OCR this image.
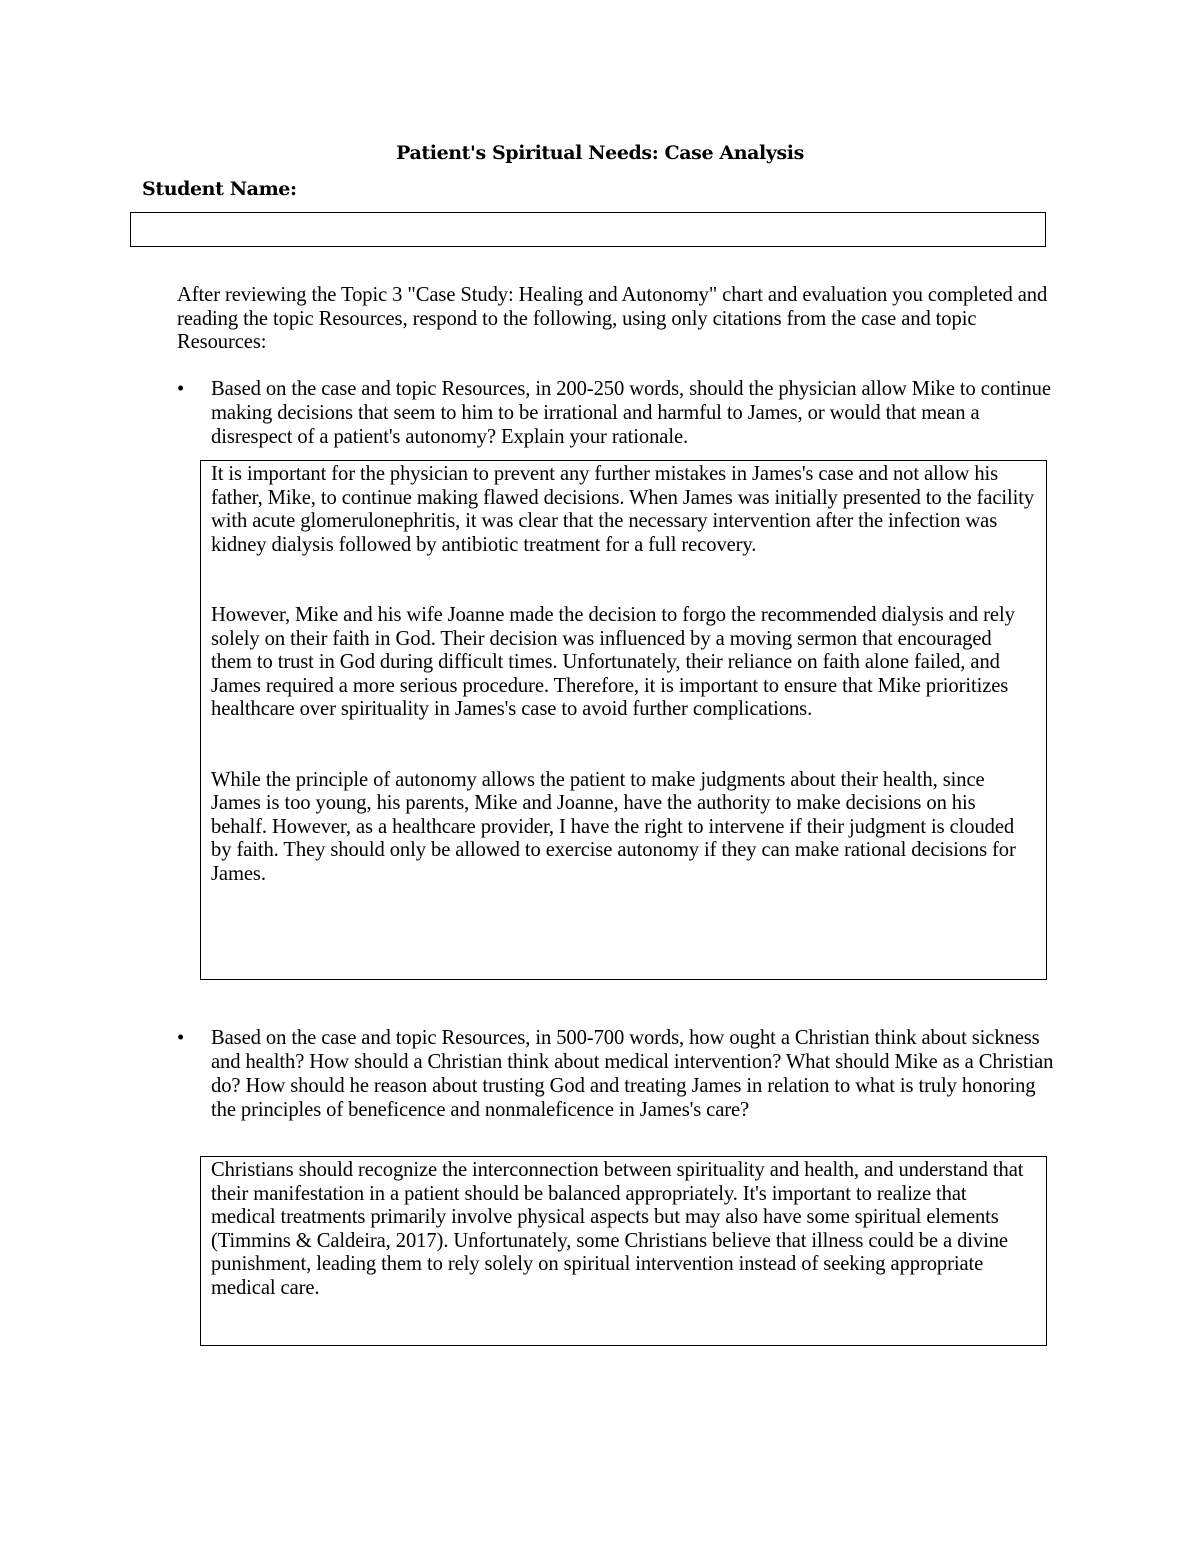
Patient's Spiritual Needs: Case Analysis
Student Name:
After reviewing the Topic 3 "Case Study: Healing and Autonomy" chart and evaluation you completed and reading the topic Resources, respond to the following, using only citations from the case and topic Resources:
•	Based on the case and topic Resources, in 200-250 words, should the physician allow Mike to continue making decisions that seem to him to be irrational and harmful to James, or would that mean a disrespect of a patient's autonomy? Explain your rationale.

It is important for the physician to prevent any further mistakes in James's case and not allow his father, Mike, to continue making flawed decisions. When James was initially presented to the facility with acute glomerulonephritis, it was clear that the necessary intervention after the infection was kidney dialysis followed by antibiotic treatment for a full recovery.

However, Mike and his wife Joanne made the decision to forgo the recommended dialysis and rely solely on their faith in God. Their decision was influenced by a moving sermon that encouraged them to trust in God during difficult times. Unfortunately, their reliance on faith alone failed, and James required a more serious procedure. Therefore, it is important to ensure that Mike prioritizes healthcare over spirituality in James's case to avoid further complications.

While the principle of autonomy allows the patient to make judgments about their health, since James is too young, his parents, Mike and Joanne, have the authority to make decisions on his behalf. However, as a healthcare provider, I have the right to intervene if their judgment is clouded by faith. They should only be allowed to exercise autonomy if they can make rational decisions for James.

•	Based on the case and topic Resources, in 500-700 words, how ought a Christian think about sickness and health? How should a Christian think about medical intervention? What should Mike as a Christian do? How should he reason about trusting God and treating James in relation to what is truly honoring the principles of beneficence and nonmaleficence in James's care?

Christians should recognize the interconnection between spirituality and health, and understand that their manifestation in a patient should be balanced appropriately. It's important to realize that medical treatments primarily involve physical aspects but may also have some spiritual elements (Timmins & Caldeira, 2017). Unfortunately, some Christians believe that illness could be a divine punishment, leading them to rely solely on spiritual intervention instead of seeking appropriate medical care.
